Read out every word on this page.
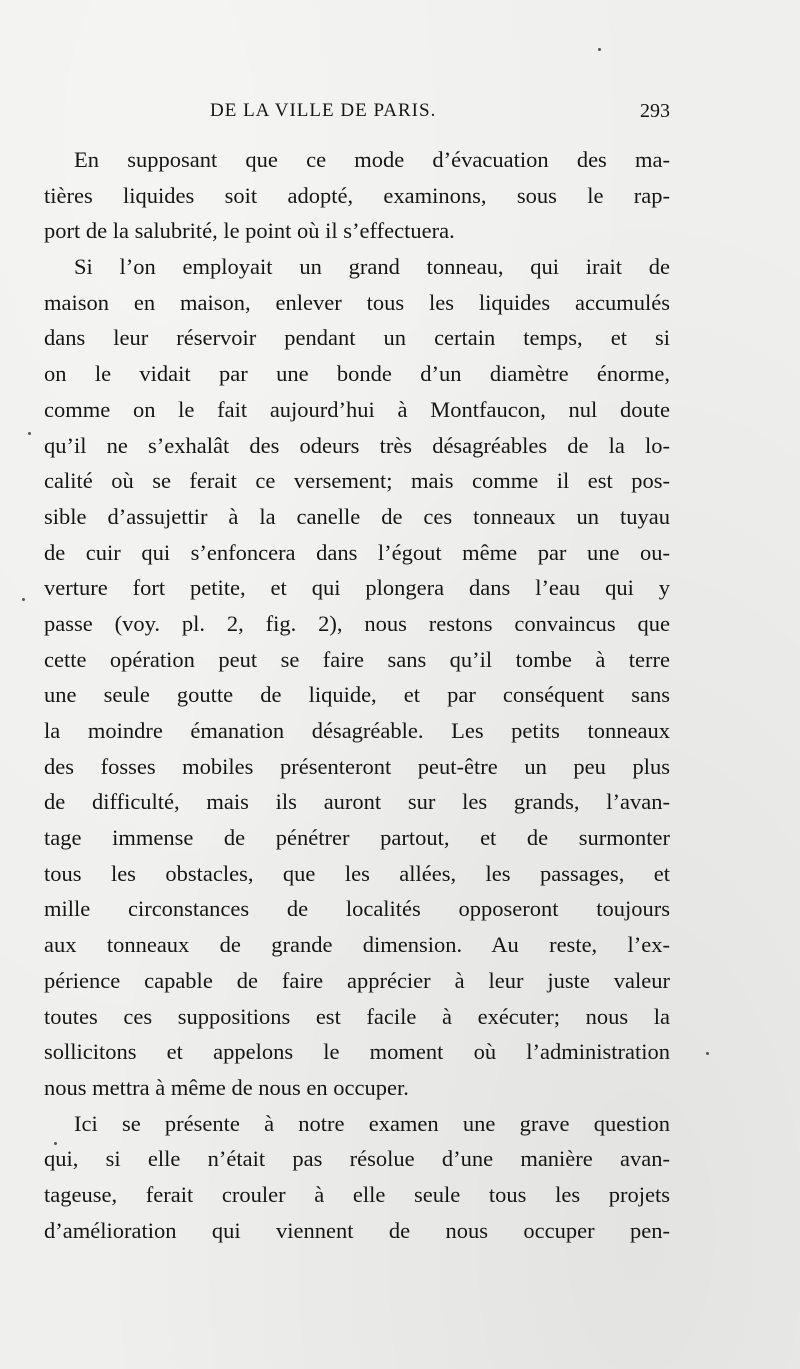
DE LA VILLE DE PARIS.	293
En supposant que ce mode d’évacuation des ma-
tières liquides soit adopté, examinons, sous le rap-
port de la salubrité, le point où il s’effectuera.
Si l’on employait un grand tonneau, qui irait de
maison en maison, enlever tous les liquides accumulés
dans leur réservoir pendant un certain temps, et si
on le vidait par une bonde d’un diamètre énorme,
comme on le fait aujourd’hui à Montfaucon, nul doute
qu’il ne s’exhalât des odeurs très désagréables de la lo-
calité où se ferait ce versement; mais comme il est pos-
sible d’assujettir à la canelle de ces tonneaux un tuyau
de cuir qui s’enfoncera dans l’égout même par une ou-
verture fort petite, et qui plongera dans l’eau qui y
passe (voy. pl. 2, fig. 2), nous restons convaincus que
cette opération peut se faire sans qu’il tombe à terre
une seule goutte de liquide, et par conséquent sans
la moindre émanation désagréable. Les petits tonneaux
des fosses mobiles présenteront peut-être un peu plus
de difficulté, mais ils auront sur les grands, l’avan-
tage immense de pénétrer partout, et de surmonter
tous les obstacles, que les allées, les passages, et
mille circonstances de localités opposeront toujours
aux tonneaux de grande dimension. Au reste, l’ex-
périence capable de faire apprécier à leur juste valeur
toutes ces suppositions est facile à exécuter; nous la
sollicitons et appelons le moment où l’administration
nous mettra à même de nous en occuper.
Ici se présente à notre examen une grave question
qui, si elle n’était pas résolue d’une manière avan-
tageuse, ferait crouler à elle seule tous les projets
d’amélioration qui viennent de nous occuper pen-
